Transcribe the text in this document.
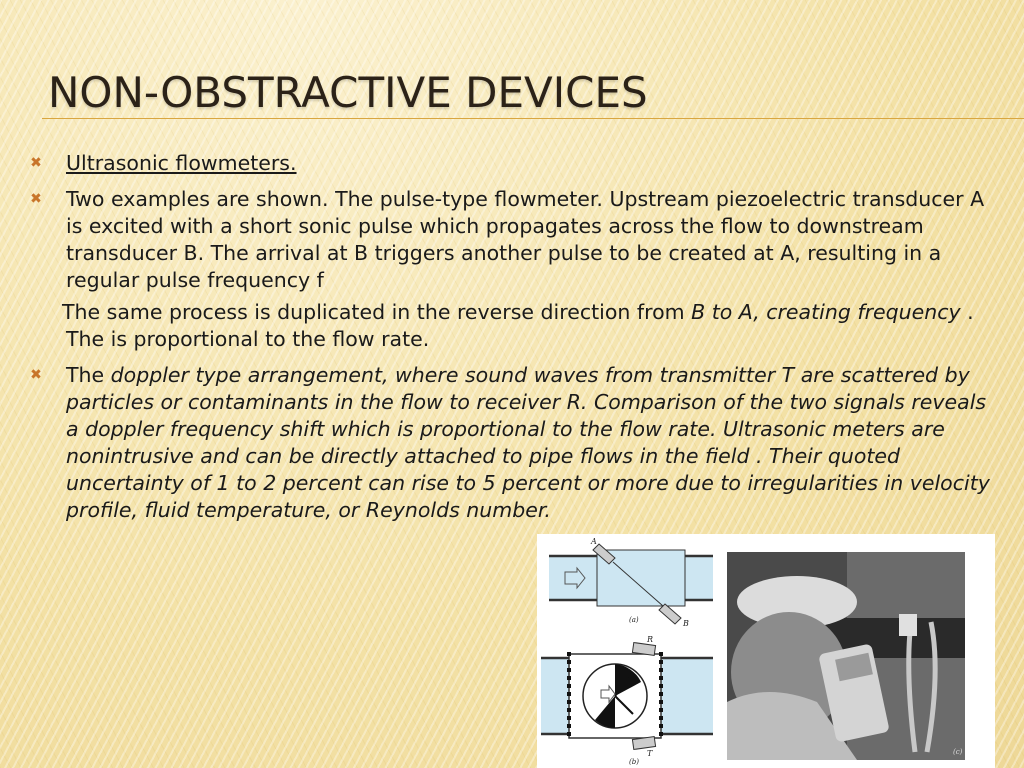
NON-OBSTRACTIVE DEVICES

✖ Ultrasonic flowmeters.

✖ Two examples are shown. The pulse-type flowmeter. Upstream piezoelectric transducer A is excited with a short sonic pulse which propagates across the flow to downstream transducer B. The arrival at B triggers another pulse to be created at A, resulting in a regular pulse frequency f

The same process is duplicated in the reverse direction from B to A, creating frequency . The is proportional to the flow rate.

✖ The doppler type arrangement, where sound waves from transmitter T are scattered by particles or contaminants in the flow to receiver R. Comparison of the two signals reveals a doppler frequency shift which is proportional to the flow rate. Ultrasonic meters are nonintrusive and can be directly attached to pipe flows in the field . Their quoted uncertainty of 1 to 2 percent can rise to 5 percent or more due to irregularities in velocity profile, fluid temperature, or Reynolds number.

A
B
(a)
R
T
(b)
(c)
